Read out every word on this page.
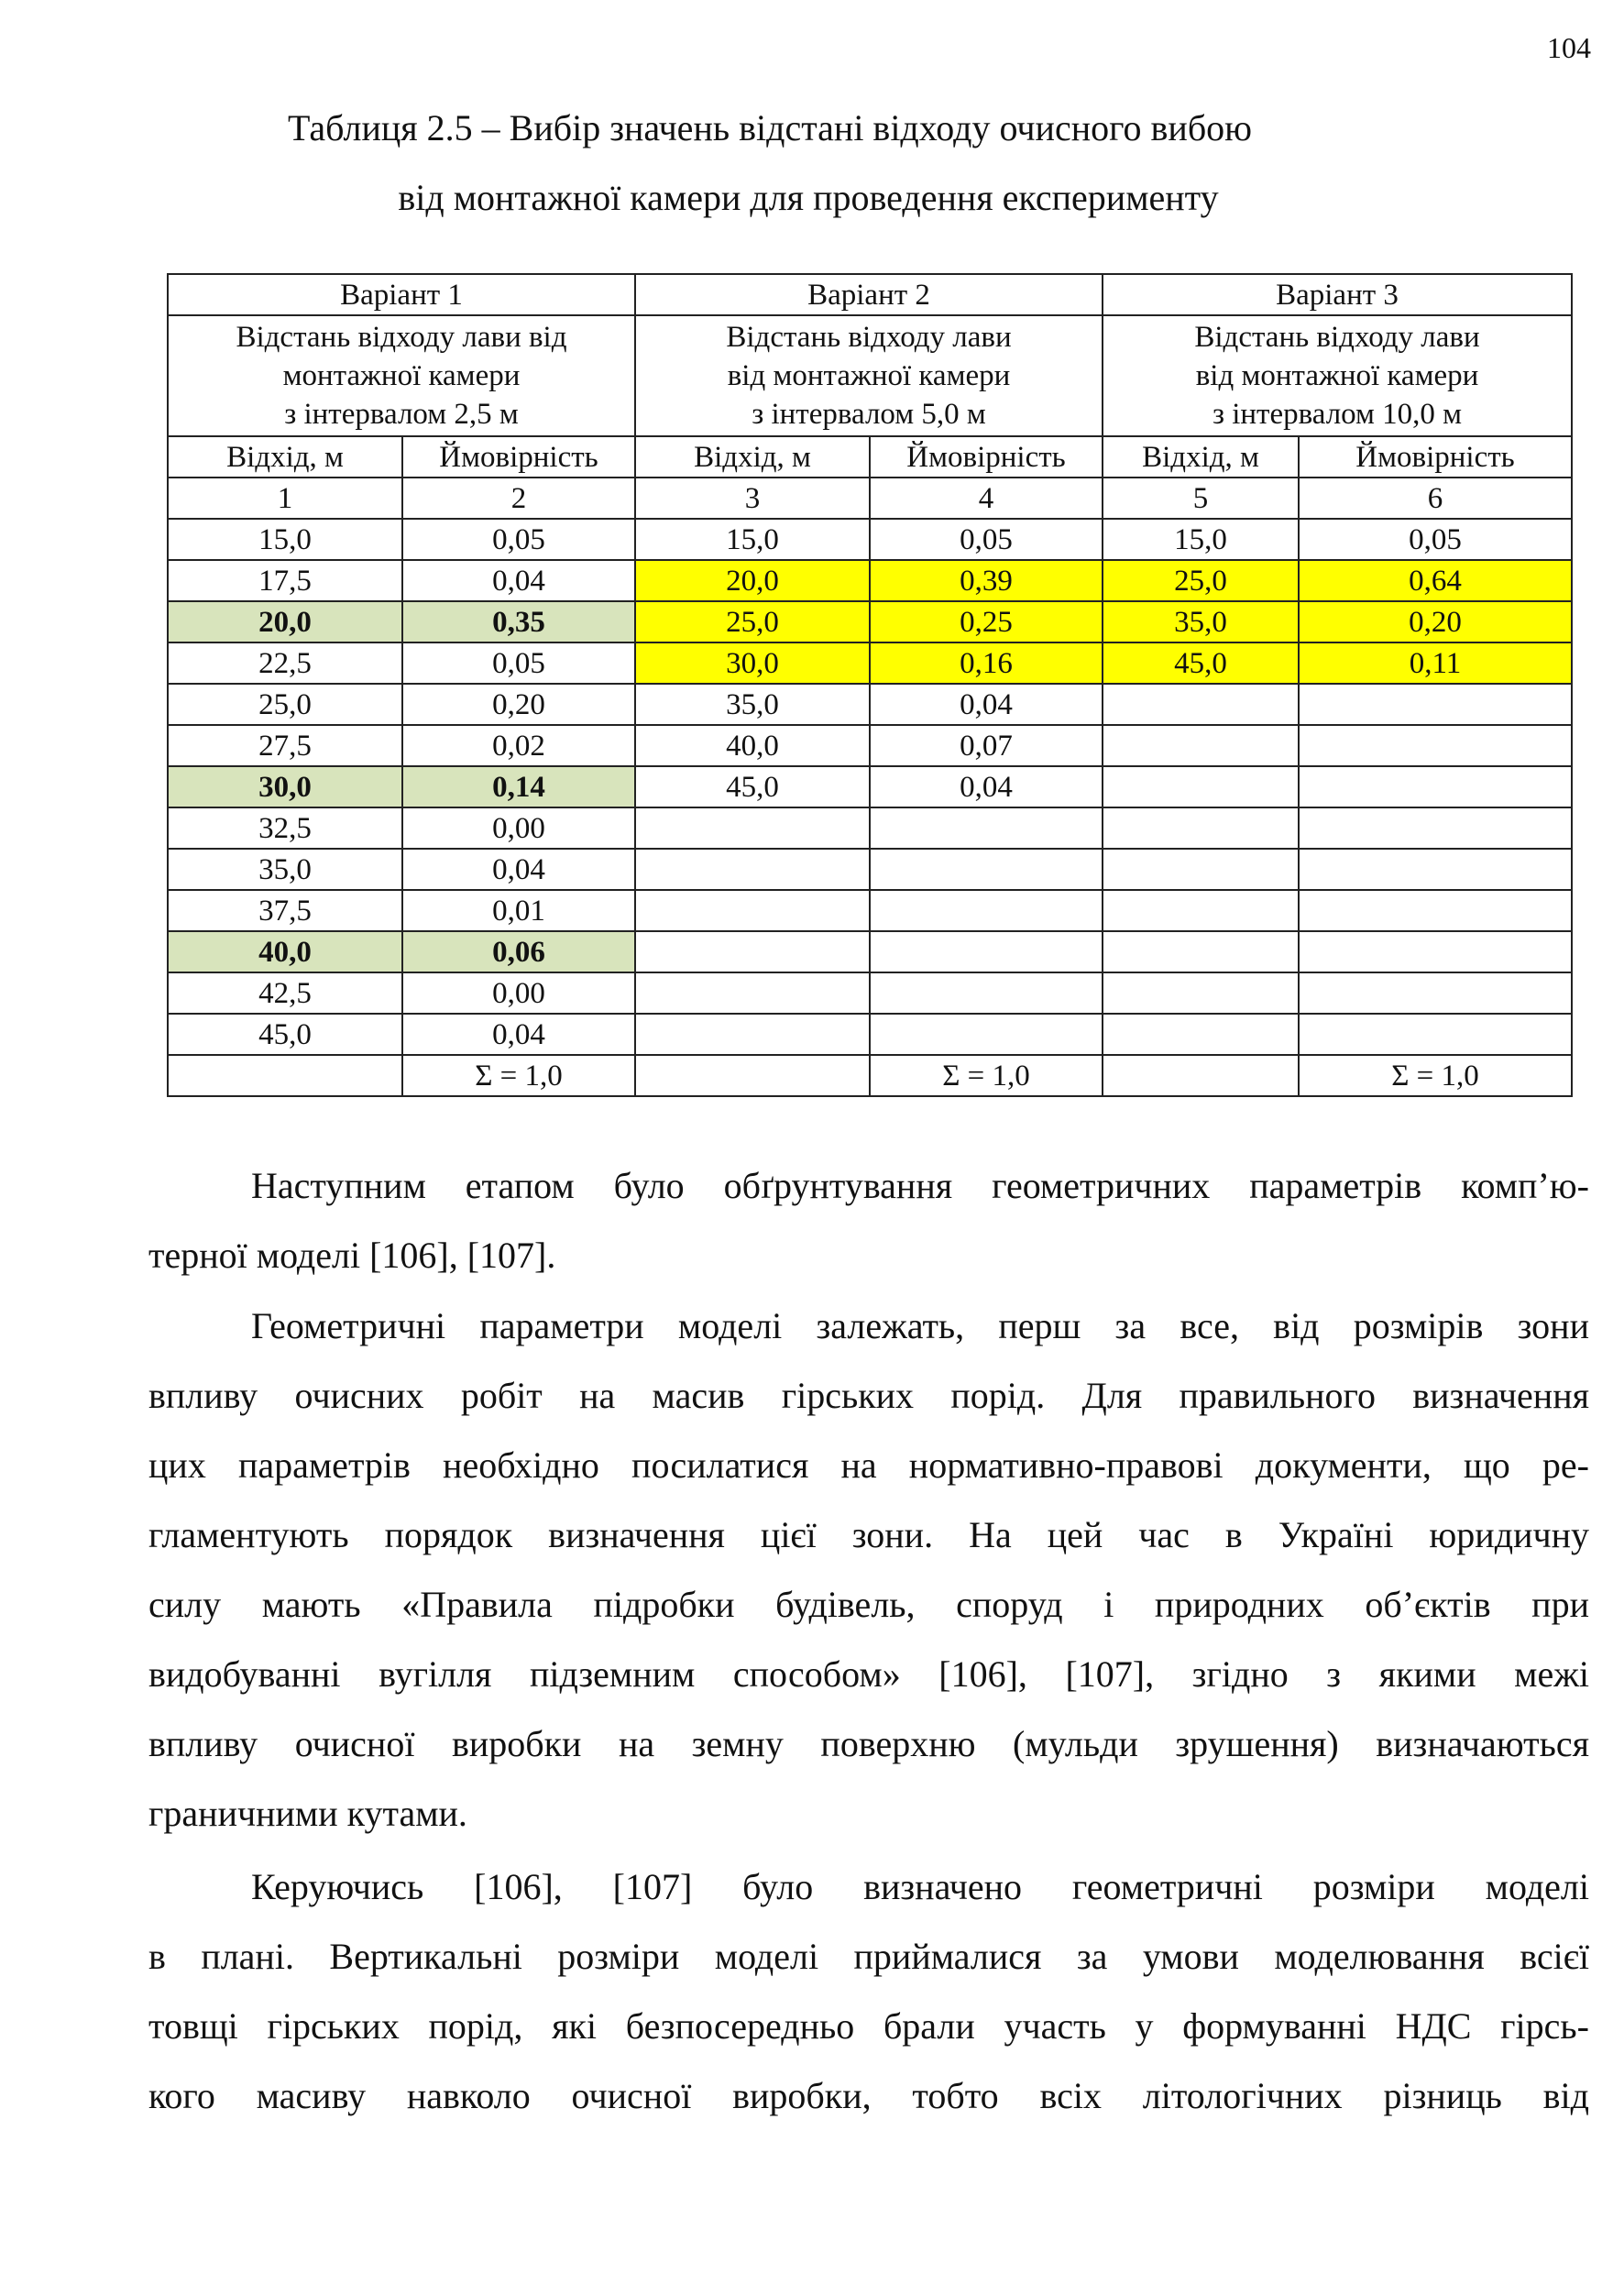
104
Таблиця 2.5 – Вибір значень відстані відходу очисного вибою
від монтажної камери для проведення експерименту
Варіант 1		Варіант 2		Варіант 3	

Відстань відходу лави від
монтажної камери
з інтервалом 2,5 м		Відстань відходу лави
від монтажної камери
з інтервалом 5,0 м		Відстань відходу лави
від монтажної камери
з інтервалом 10,0 м	

Відхід, м	Ймовірність	Відхід, м	Ймовірність	Відхід, м	Ймовірність
1	2	3	4	5	6
15,0	0,05	15,0	0,05	15,0	0,05
17,5	0,04	20,0	0,39	25,0	0,64
20,0	0,35	25,0	0,25	35,0	0,20
22,5	0,05	30,0	0,16	45,0	0,11
25,0	0,20	35,0	0,04		
27,5	0,02	40,0	0,07		
30,0	0,14	45,0	0,04		
32,5	0,00				
35,0	0,04				
37,5	0,01				
40,0	0,06				
42,5	0,00				
45,0	0,04				
	Σ = 1,0		Σ = 1,0		Σ = 1,0
Наступним етапом було обґрунтування геометричних параметрів комп’ю-
терної моделі [106], [107].
Геометричні параметри моделі залежать, перш за все, від розмірів зони
впливу очисних робіт на масив гірських порід. Для правильного визначення
цих параметрів необхідно посилатися на нормативно-правові документи, що ре-
гламентують порядок визначення цієї зони. На цей час в Україні юридичну
силу мають «Правила підробки будівель, споруд і природних об’єктів при
видобуванні вугілля підземним способом» [106], [107], згідно з якими межі
впливу очисної виробки на земну поверхню (мульди зрушення) визначаються
граничними кутами.
Керуючись [106], [107] було визначено геометричні розміри моделі
в плані. Вертикальні розміри моделі приймалися за умови моделювання всієї
товщі гірських порід, які безпосередньо брали участь у формуванні НДС гірсь-
кого масиву навколо очисної виробки, тобто всіх літологічних різниць від
